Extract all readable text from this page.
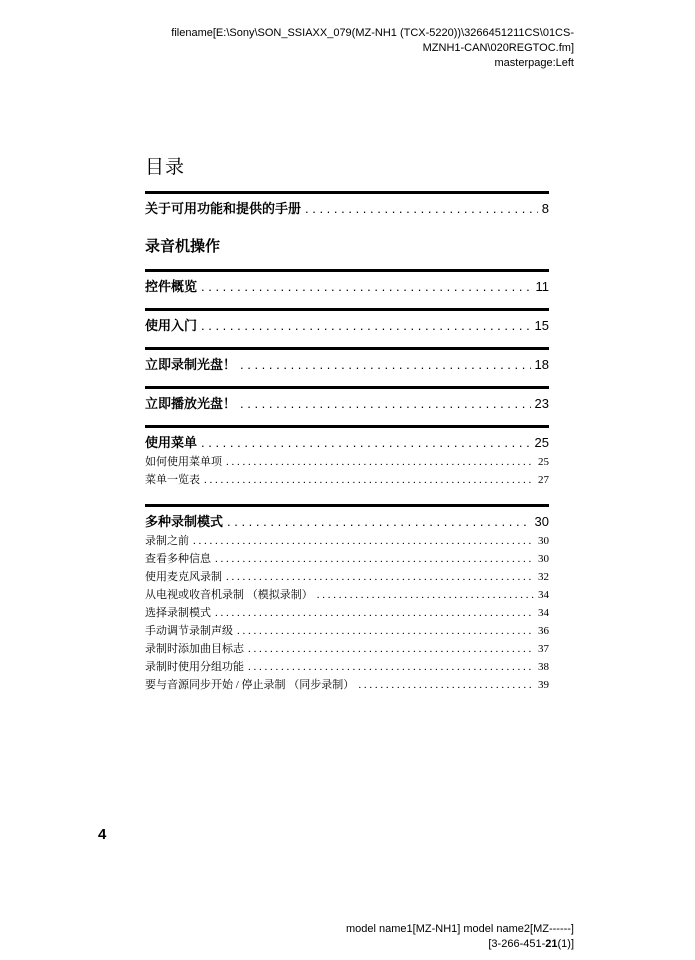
filename[E:\Sony\SON_SSIAXX_079(MZ-NH1 (TCX-5220))\3266451211CS\01CS-
MZNH1-CAN\020REGTOC.fm]
masterpage:Left
目录
关于可用功能和提供的手册 . . .	8
录音机操作
控件概览 . . .	11
使用入门 . . .	15
立即录制光盘！ . . .	18
立即播放光盘！ . . .	23
使用菜单 . . .	25
如何使用菜单项 . . .	25
菜单一览表 . . .	27
多种录制模式 . . .	30
录制之前 . . .	30
查看多种信息 . . .	30
使用麦克风录制 . . .	32
从电视或收音机录制 （模拟录制） . . .	34
选择录制模式 . . .	34
手动调节录制声级 . . .	36
录制时添加曲目标志 . . .	37
录制时使用分组功能 . . .	38
要与音源同步开始 / 停止录制 （同步录制） . . .	39
4
model name1[MZ-NH1] model name2[MZ------]
[3-266-451-21(1)]
